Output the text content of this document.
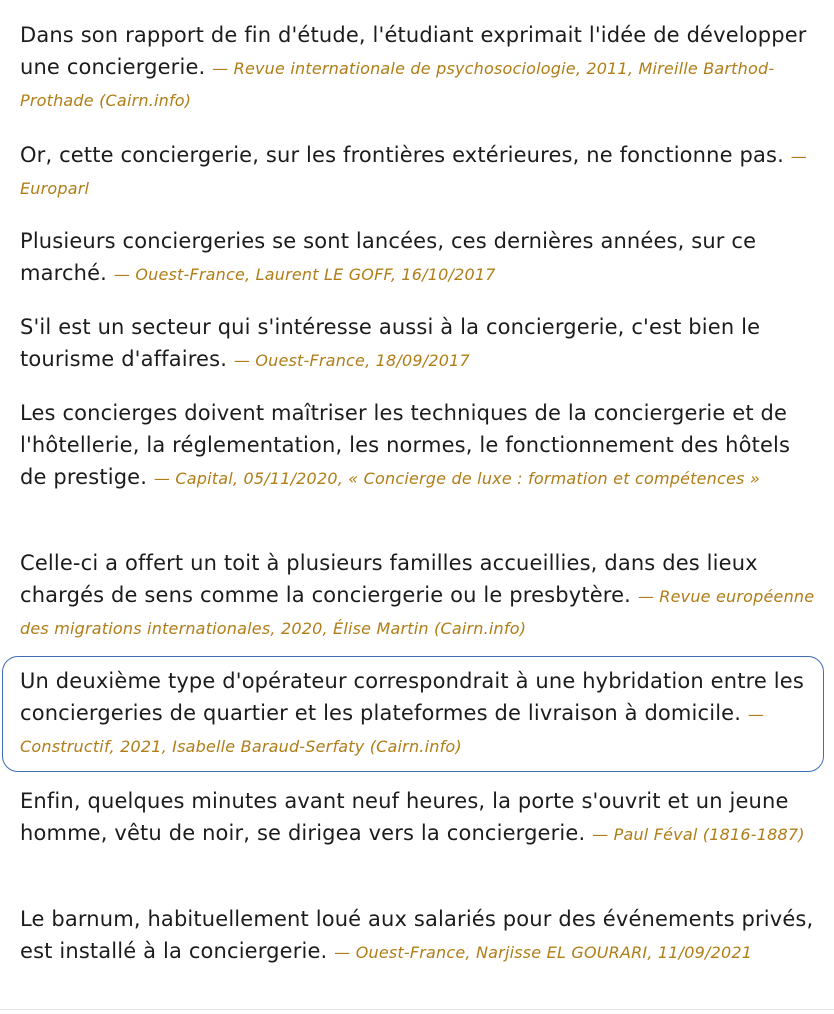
Dans son rapport de fin d'étude, l'étudiant exprimait l'idée de développer une conciergerie. — Revue internationale de psychosociologie, 2011, Mireille Barthod-Prothade (Cairn.info)
Or, cette conciergerie, sur les frontières extérieures, ne fonctionne pas. — Europarl
Plusieurs conciergeries se sont lancées, ces dernières années, sur ce marché. — Ouest-France, Laurent LE GOFF, 16/10/2017
S'il est un secteur qui s'intéresse aussi à la conciergerie, c'est bien le tourisme d'affaires. — Ouest-France, 18/09/2017
Les concierges doivent maîtriser les techniques de la conciergerie et de l'hôtellerie, la réglementation, les normes, le fonctionnement des hôtels de prestige. — Capital, 05/11/2020, « Concierge de luxe : formation et compétences »
Celle-ci a offert un toit à plusieurs familles accueillies, dans des lieux chargés de sens comme la conciergerie ou le presbytère. — Revue européenne des migrations internationales, 2020, Élise Martin (Cairn.info)
Un deuxième type d'opérateur correspondrait à une hybridation entre les conciergeries de quartier et les plateformes de livraison à domicile. — Constructif, 2021, Isabelle Baraud-Serfaty (Cairn.info)
Enfin, quelques minutes avant neuf heures, la porte s'ouvrit et un jeune homme, vêtu de noir, se dirigea vers la conciergerie. — Paul Féval (1816-1887)
Le barnum, habituellement loué aux salariés pour des événements privés, est installé à la conciergerie. — Ouest-France, Narjisse EL GOURARI, 11/09/2021
